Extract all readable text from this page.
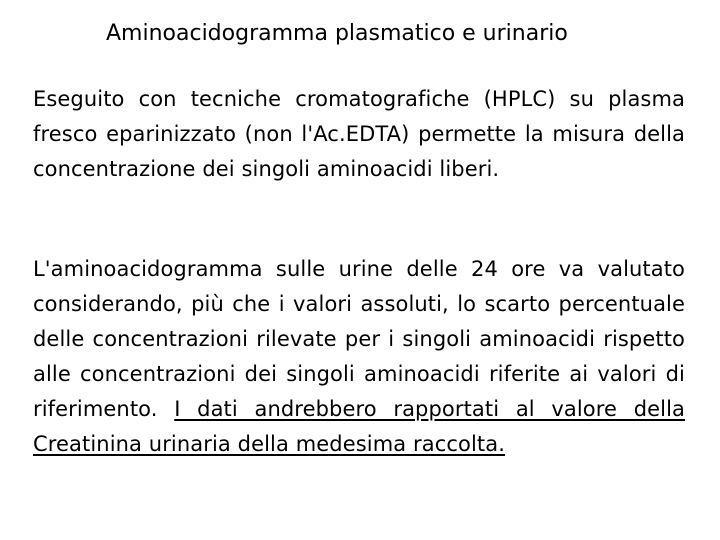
Aminoacidogramma plasmatico e urinario

Eseguito con tecniche cromatografiche (HPLC) su plasma fresco eparinizzato (non l'Ac.EDTA) permette la misura della concentrazione dei singoli aminoacidi liberi.

L'aminoacidogramma sulle urine delle 24 ore va valutato considerando, più che i valori assoluti, lo scarto percentuale delle concentrazioni rilevate per i singoli aminoacidi rispetto alle concentrazioni dei singoli aminoacidi riferite ai valori di riferimento. I dati andrebbero rapportati al valore della Creatinina urinaria della medesima raccolta.
